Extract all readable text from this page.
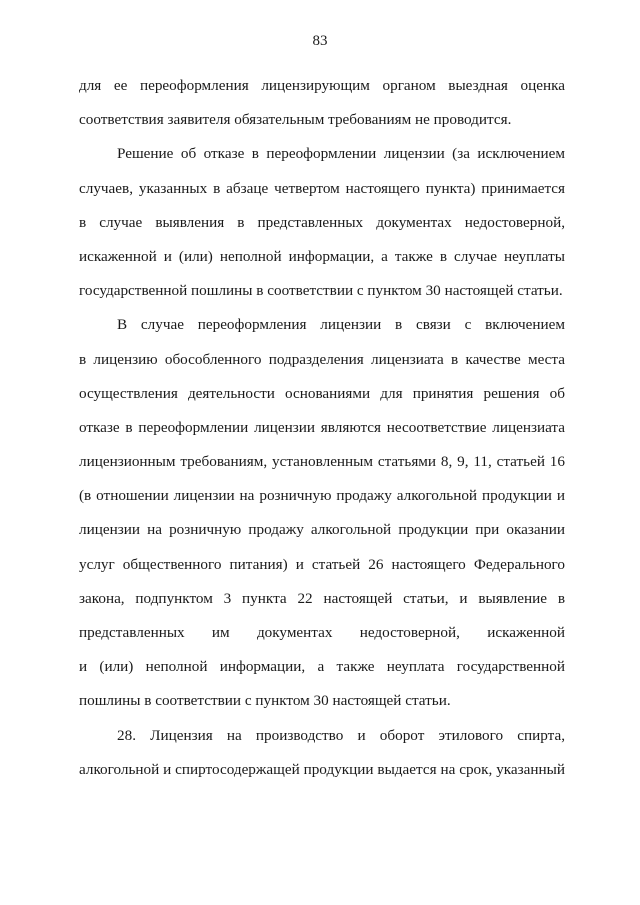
83
для ее переоформления лицензирующим органом выездная оценка
соответствия заявителя обязательным требованиям не проводится.
Решение об отказе в переоформлении лицензии (за исключением
случаев, указанных в абзаце четвертом настоящего пункта) принимается
в случае выявления в представленных документах недостоверной,
искаженной и (или) неполной информации, а также в случае неуплаты
государственной пошлины в соответствии с пунктом 30 настоящей статьи.
В случае переоформления лицензии в связи с включением
в лицензию обособленного подразделения лицензиата в качестве места
осуществления деятельности основаниями для принятия решения об
отказе в переоформлении лицензии являются несоответствие лицензиата
лицензионным требованиям, установленным статьями 8, 9, 11, статьей 16
(в отношении лицензии на розничную продажу алкогольной продукции и
лицензии на розничную продажу алкогольной продукции при оказании
услуг общественного питания) и статьей 26 настоящего Федерального
закона, подпунктом 3 пункта 22 настоящей статьи, и выявление в
представленных им документах недостоверной, искаженной
и (или) неполной информации, а также неуплата государственной
пошлины в соответствии с пунктом 30 настоящей статьи.
28. Лицензия на производство и оборот этилового спирта,
алкогольной и спиртосодержащей продукции выдается на срок, указанный
